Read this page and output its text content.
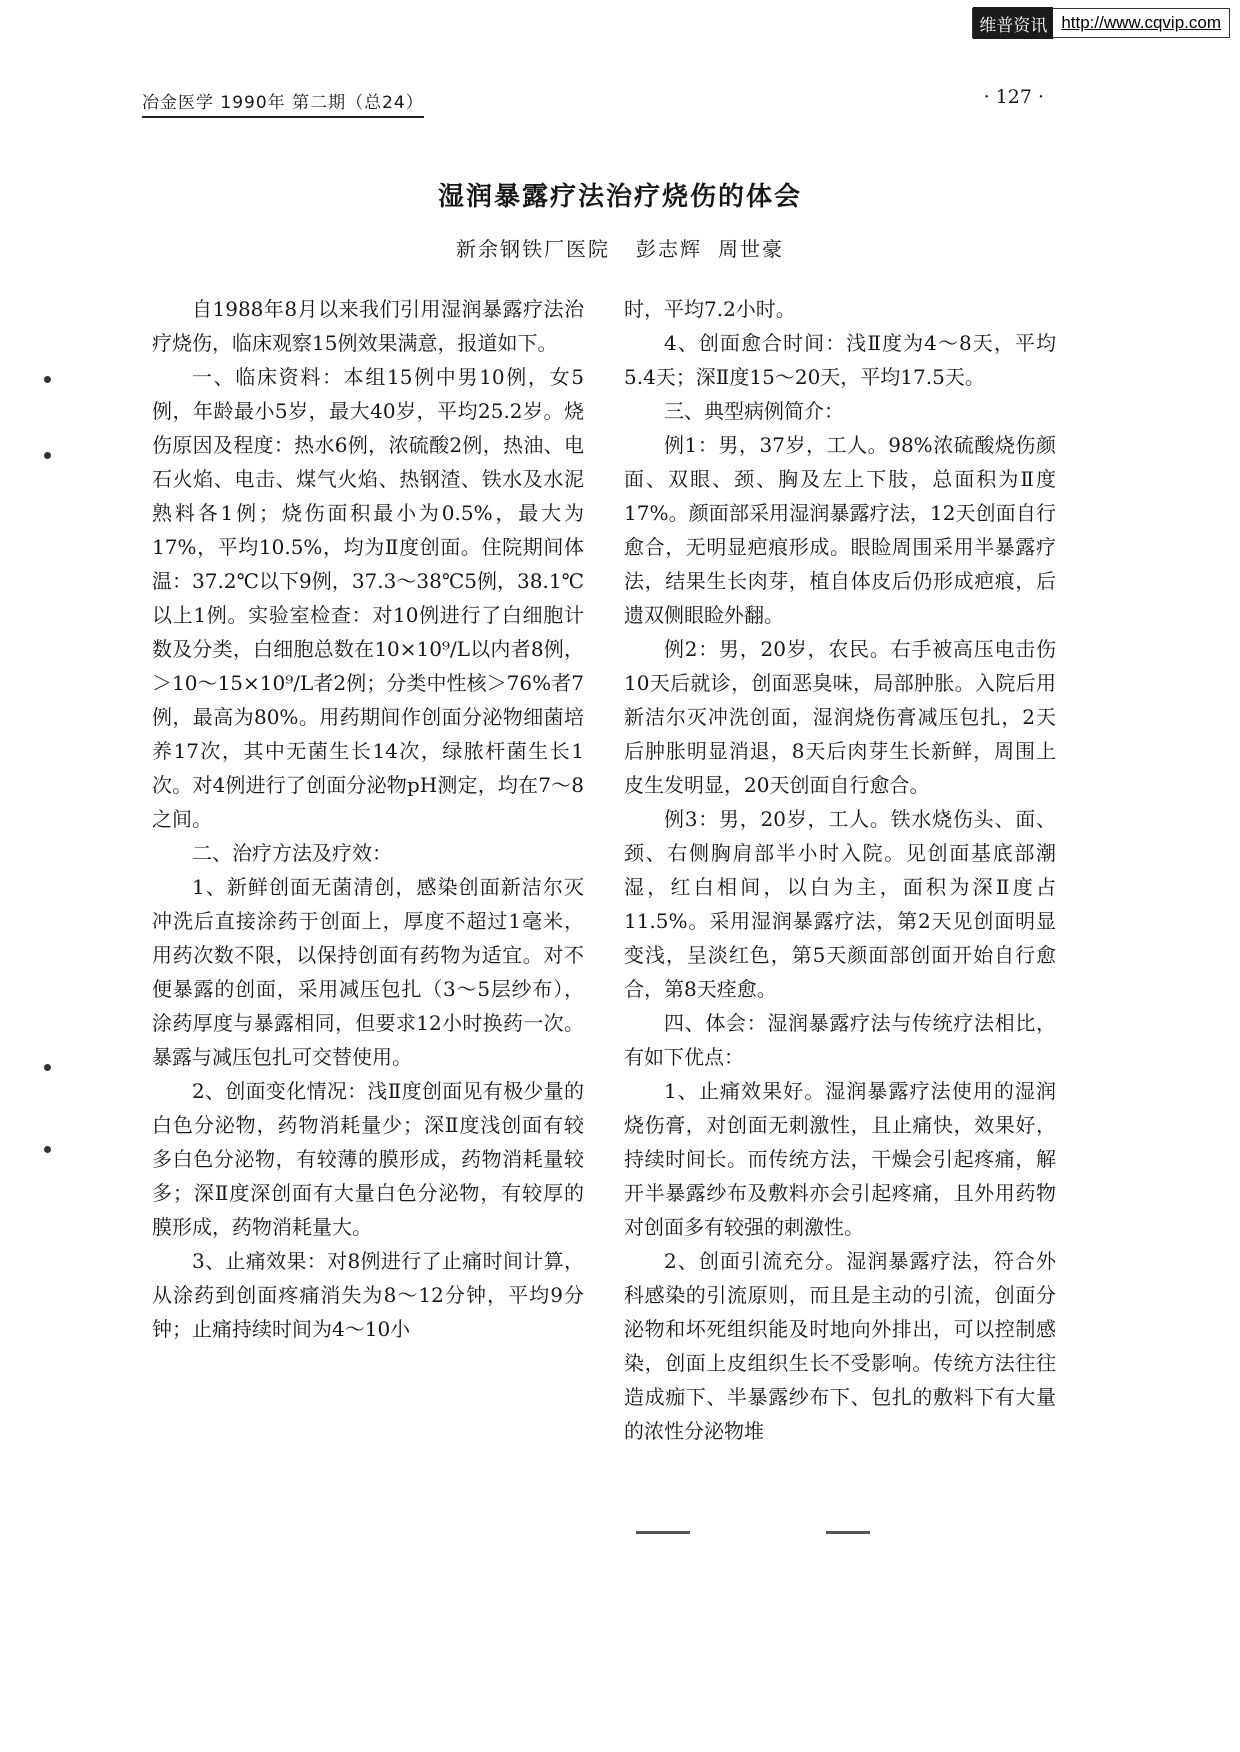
维普资讯 http://www.cqvip.com
冶金医学 1990年 第二期（总24）	· 127 ·
湿润暴露疗法治疗烧伤的体会
新余钢铁厂医院 彭志辉 周世豪

自1988年8月以来我们引用湿润暴露疗法治疗烧伤，临床观察15例效果满意，报道如下。

一、临床资料：本组15例中男10例，女5例，年龄最小5岁，最大40岁，平均25.2岁。烧伤原因及程度：热水6例，浓硫酸2例，热油、电石火焰、电击、煤气火焰、热钢渣、铁水及水泥熟料各1例；烧伤面积最小为0.5%，最大为17%，平均10.5%，均为Ⅱ度创面。住院期间体温：37.2℃以下9例，37.3～38℃5例，38.1℃以上1例。实验室检查：对10例进行了白细胞计数及分类，白细胞总数在10×10⁹/L以内者8例，＞10～15×10⁹/L者2例；分类中性核＞76%者7例，最高为80%。用药期间作创面分泌物细菌培养17次，其中无菌生长14次，绿脓杆菌生长1次。对4例进行了创面分泌物pH测定，均在7～8之间。

二、治疗方法及疗效：

1、新鲜创面无菌清创，感染创面新洁尔灭冲洗后直接涂药于创面上，厚度不超过1毫米，用药次数不限，以保持创面有药物为适宜。对不便暴露的创面，采用减压包扎（3～5层纱布），涂药厚度与暴露相同，但要求12小时换药一次。暴露与减压包扎可交替使用。

2、创面变化情况：浅Ⅱ度创面见有极少量的白色分泌物，药物消耗量少；深Ⅱ度浅创面有较多白色分泌物，有较薄的膜形成，药物消耗量较多；深Ⅱ度深创面有大量白色分泌物，有较厚的膜形成，药物消耗量大。

3、止痛效果：对8例进行了止痛时间计算，从涂药到创面疼痛消失为8～12分钟，平均9分钟；止痛持续时间为4～10小

时，平均7.2小时。

4、创面愈合时间：浅Ⅱ度为4～8天，平均5.4天；深Ⅱ度15～20天，平均17.5天。

三、典型病例简介：

例1：男，37岁，工人。98%浓硫酸烧伤颜面、双眼、颈、胸及左上下肢，总面积为Ⅱ度17%。颜面部采用湿润暴露疗法，12天创面自行愈合，无明显疤痕形成。眼睑周围采用半暴露疗法，结果生长肉芽，植自体皮后仍形成疤痕，后遗双侧眼睑外翻。

例2：男，20岁，农民。右手被高压电击伤10天后就诊，创面恶臭味，局部肿胀。入院后用新洁尔灭冲洗创面，湿润烧伤膏减压包扎，2天后肿胀明显消退，8天后肉芽生长新鲜，周围上皮生发明显，20天创面自行愈合。

例3：男，20岁，工人。铁水烧伤头、面、颈、右侧胸肩部半小时入院。见创面基底部潮湿，红白相间，以白为主，面积为深Ⅱ度占11.5%。采用湿润暴露疗法，第2天见创面明显变浅，呈淡红色，第5天颜面部创面开始自行愈合，第8天痊愈。

四、体会：湿润暴露疗法与传统疗法相比，有如下优点：

1、止痛效果好。湿润暴露疗法使用的湿润烧伤膏，对创面无刺激性，且止痛快，效果好，持续时间长。而传统方法，干燥会引起疼痛，解开半暴露纱布及敷料亦会引起疼痛，且外用药物对创面多有较强的刺激性。

2、创面引流充分。湿润暴露疗法，符合外科感染的引流原则，而且是主动的引流，创面分泌物和坏死组织能及时地向外排出，可以控制感染，创面上皮组织生长不受影响。传统方法往往造成痂下、半暴露纱布下、包扎的敷料下有大量的浓性分泌物堆
